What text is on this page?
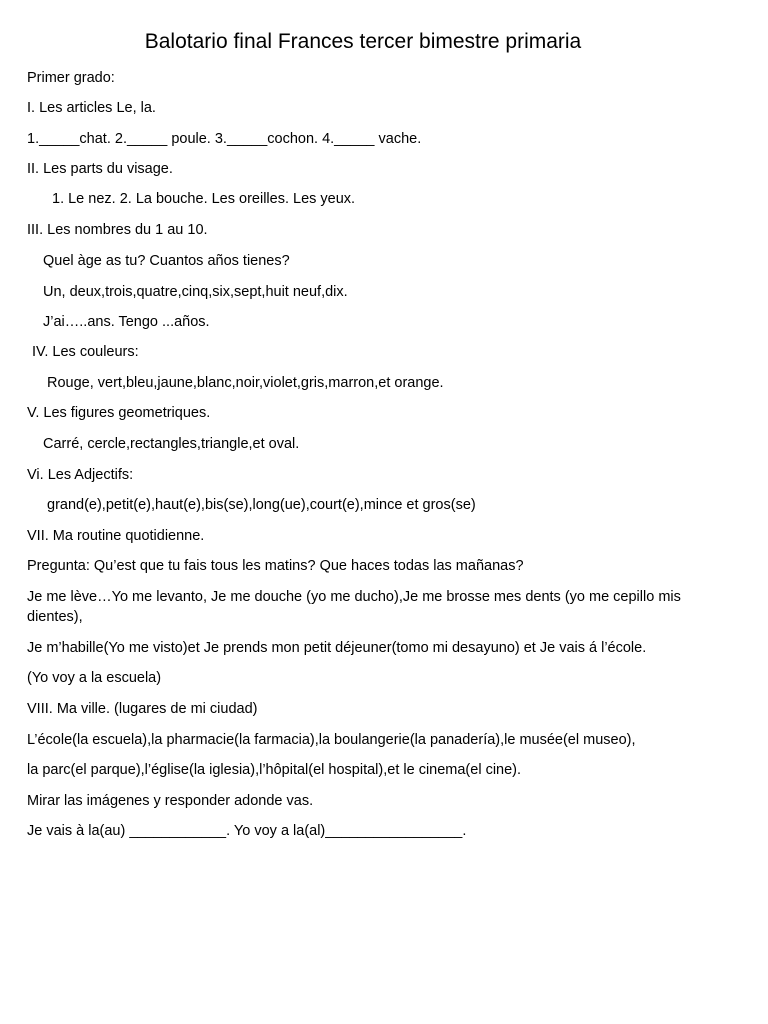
Balotario final Frances tercer bimestre primaria
Primer grado:
I. Les articles Le, la.
1._____chat. 2._____ poule. 3._____cochon. 4._____ vache.
II. Les parts du visage.
1. Le nez. 2. La bouche. Les oreilles. Les yeux.
III. Les nombres du 1 au 10.
Quel àge as tu? Cuantos años tienes?
Un, deux,trois,quatre,cinq,six,sept,huit neuf,dix.
J’ai…..ans. Tengo ...años.
IV. Les couleurs:
Rouge, vert,bleu,jaune,blanc,noir,violet,gris,marron,et orange.
V. Les figures geometriques.
Carré, cercle,rectangles,triangle,et oval.
Vi. Les Adjectifs:
grand(e),petit(e),haut(e),bis(se),long(ue),court(e),mince et gros(se)
VII. Ma routine quotidienne.
Pregunta: Qu’est que tu fais tous les matins? Que haces todas las mañanas?
Je me lève…Yo me levanto, Je me douche (yo me ducho),Je me brosse mes dents (yo me cepillo mis dientes),
Je m’habille(Yo me visto)et Je prends mon petit déjeuner(tomo mi desayuno) et Je vais á l’école.
(Yo voy a la escuela)
VIII. Ma ville. (lugares de mi ciudad)
L’école(la escuela),la pharmacie(la farmacia),la boulangerie(la panadería),le musée(el museo),
la parc(el parque),l’église(la iglesia),l’hôpital(el hospital),et le cinema(el cine).
Mirar las imágenes y responder adonde vas.
Je vais à la(au) ____________. Yo voy a la(al)_________________.
